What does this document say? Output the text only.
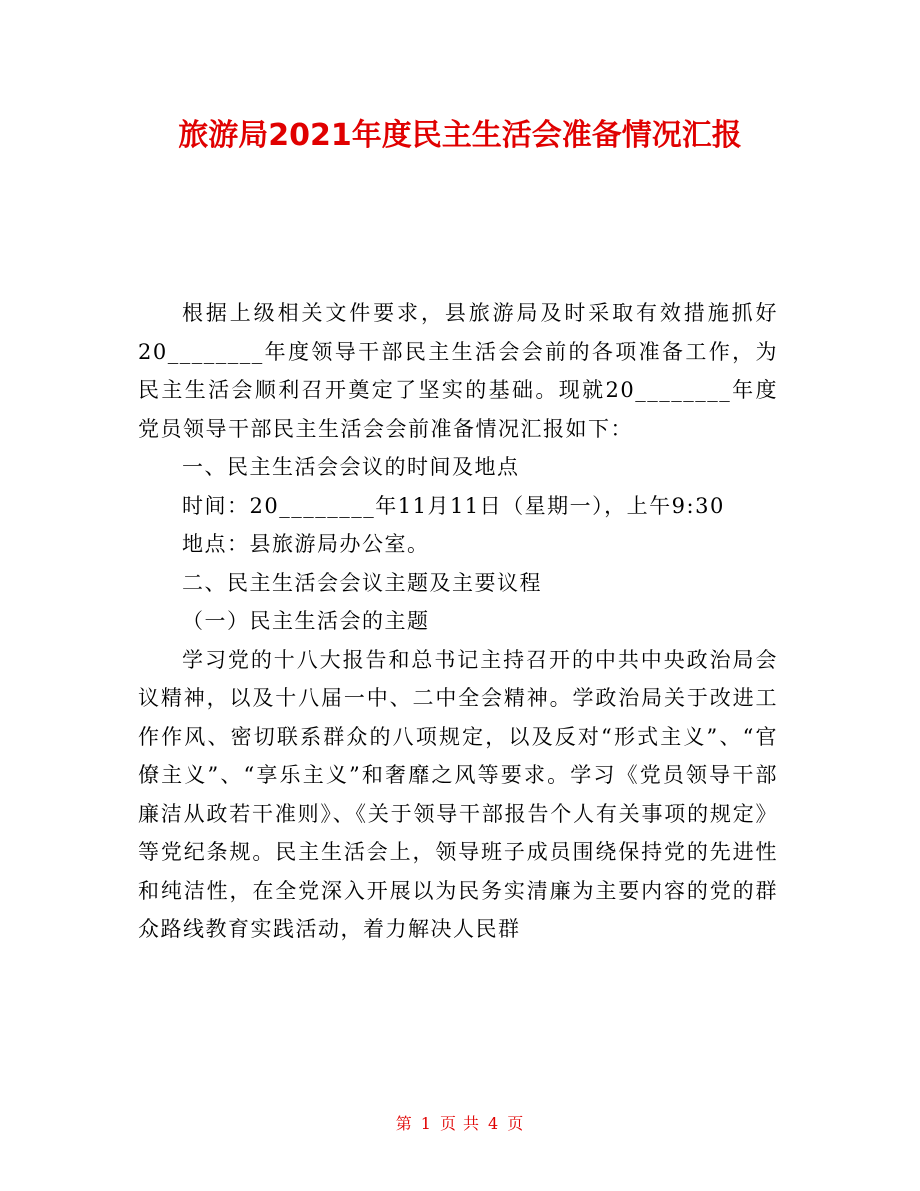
旅游局2021年度民主生活会准备情况汇报

根据上级相关文件要求，县旅游局及时采取有效措施抓好20________年度领导干部民主生活会会前的各项准备工作，为民主生活会顺利召开奠定了坚实的基础。现就20________年度党员领导干部民主生活会会前准备情况汇报如下：

一、民主生活会会议的时间及地点

时间：20________年11月11日（星期一），上午9:30

地点：县旅游局办公室。

二、民主生活会会议主题及主要议程

（一）民主生活会的主题

学习党的十八大报告和总书记主持召开的中共中央政治局会议精神，以及十八届一中、二中全会精神。学政治局关于改进工作作风、密切联系群众的八项规定，以及反对“形式主义”、“官僚主义”、“享乐主义”和奢靡之风等要求。学习《党员领导干部廉洁从政若干准则》、《关于领导干部报告个人有关事项的规定》等党纪条规。民主生活会上，领导班子成员围绕保持党的先进性和纯洁性，在全党深入开展以为民务实清廉为主要内容的党的群众路线教育实践活动，着力解决人民群

第 1 页 共 4 页
